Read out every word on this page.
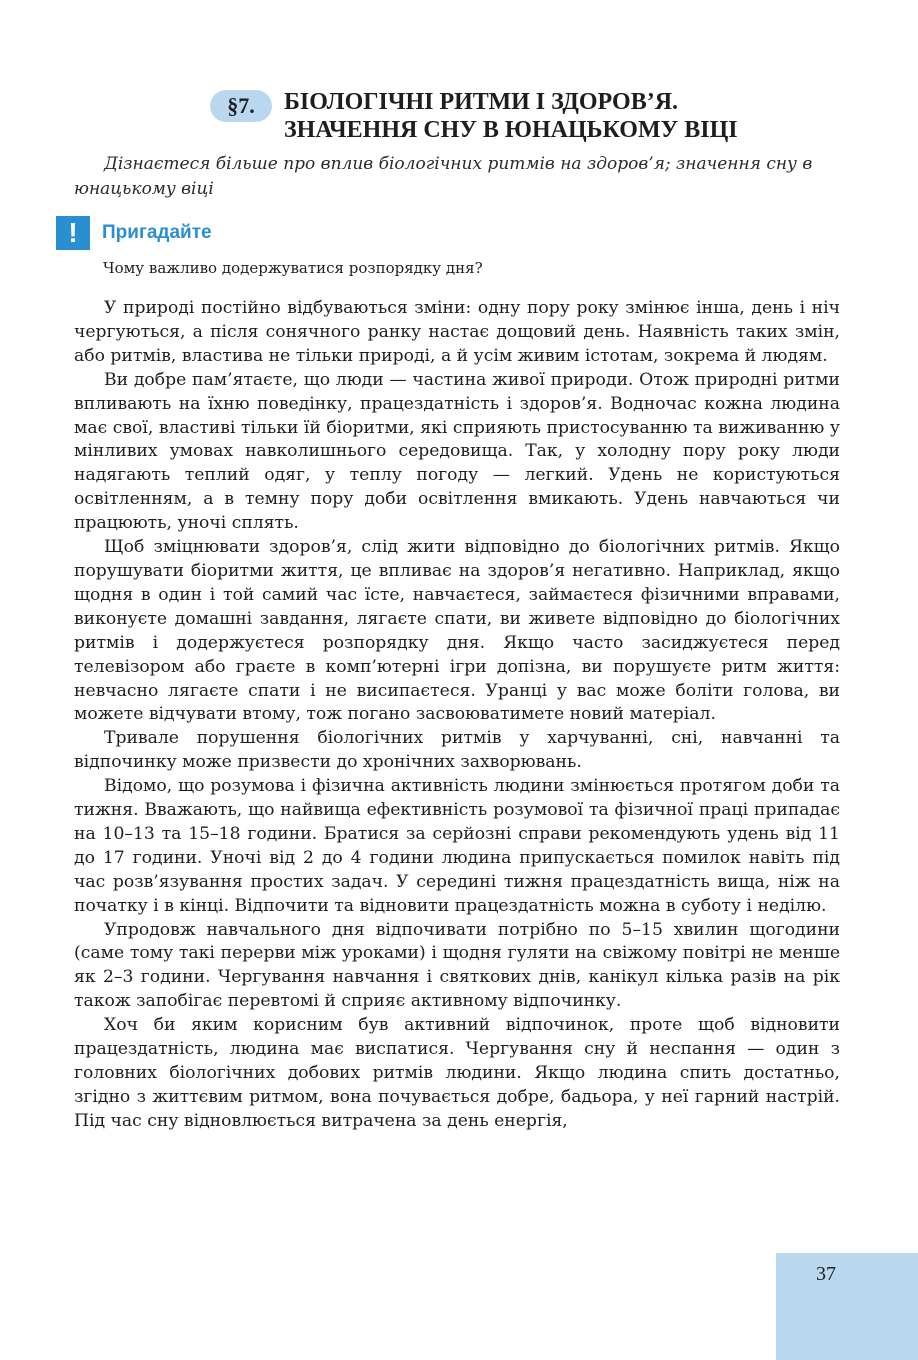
§7.	БІОЛОГІЧНІ РИТМИ І ЗДОРОВ’Я.
ЗНАЧЕННЯ СНУ В ЮНАЦЬКОМУ ВІЦІ
Дізнаєтеся більше про вплив біологічних ритмів на здоров’я; значення сну в юнацькому віці
!	Пригадайте
Чому важливо додержуватися розпорядку дня?

У природі постійно відбуваються зміни: одну пору року змінює інша, день і ніч чергуються, а після сонячного ранку настає дощовий день. Наявність таких змін, або ритмів, властива не тільки природі, а й усім живим істотам, зокрема й людям.

Ви добре пам’ятаєте, що люди — частина живої природи. Отож природні ритми впливають на їхню поведінку, працездатність і здоров’я. Водночас кожна людина має свої, властиві тільки їй біоритми, які сприяють пристосуванню та виживанню у мінливих умовах навколишнього середовища. Так, у холодну пору року люди надягають теплий одяг, у теплу погоду — легкий. Удень не користуються освітленням, а в темну пору доби освітлення вмикають. Удень навчаються чи працюють, уночі сплять.

Щоб зміцнювати здоров’я, слід жити відповідно до біологічних ритмів. Якщо порушувати біоритми життя, це впливає на здоров’я негативно. Наприклад, якщо щодня в один і той самий час їсте, навчаєтеся, займаєтеся фізичними вправами, виконуєте домашні завдання, лягаєте спати, ви живете відповідно до біологічних ритмів і додержуєтеся розпорядку дня. Якщо часто засиджуєтеся перед телевізором або граєте в комп’ютерні ігри допізна, ви порушуєте ритм життя: невчасно лягаєте спати і не висипаєтеся. Уранці у вас може боліти голова, ви можете відчувати втому, тож погано засвоюватимете новий матеріал.

Тривале порушення біологічних ритмів у харчуванні, сні, навчанні та відпочинку може призвести до хронічних захворювань.

Відомо, що розумова і фізична активність людини змінюється протягом доби та тижня. Вважають, що найвища ефективність розумової та фізичної праці припадає на 10–13 та 15–18 години. Братися за серйозні справи рекомендують удень від 11 до 17 години. Уночі від 2 до 4 години людина припускається помилок навіть під час розв’язування простих задач. У середині тижня працездатність вища, ніж на початку і в кінці. Відпочити та відновити працездатність можна в суботу і неділю.

Упродовж навчального дня відпочивати потрібно по 5–15 хвилин щогодини (саме тому такі перерви між уроками) і щодня гуляти на свіжому повітрі не менше як 2–3 години. Чергування навчання і святкових днів, канікул кілька разів на рік також запобігає перевтомі й сприяє активному відпочинку.

Хоч би яким корисним був активний відпочинок, проте щоб відновити працездатність, людина має виспатися. Чергування сну й неспання — один з головних біологічних добових ритмів людини. Якщо людина спить достатньо, згідно з життєвим ритмом, вона почувається добре, бадьора, у неї гарний настрій. Під час сну відновлюється витрачена за день енергія,

37
